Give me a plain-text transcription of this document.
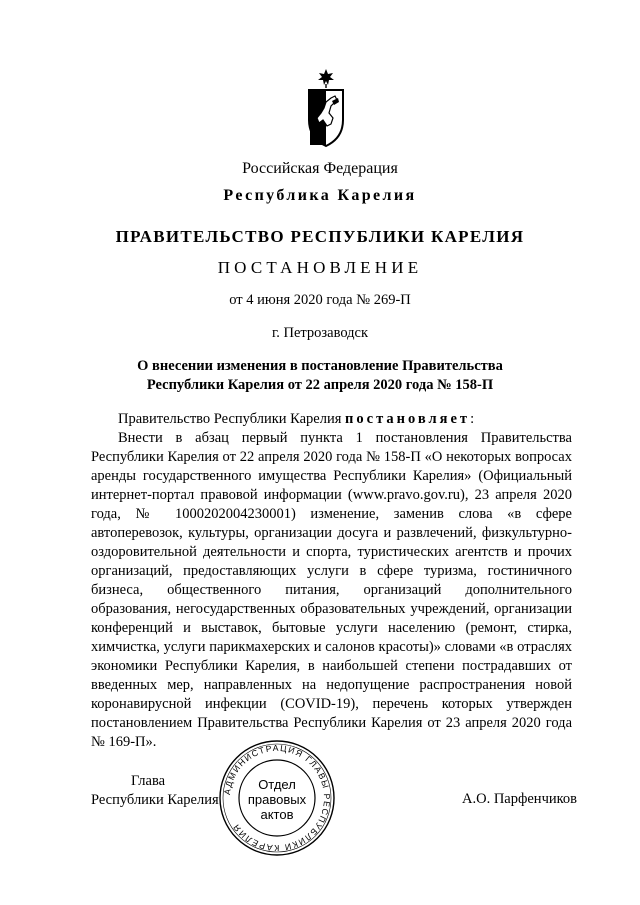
Российская Федерация
Республика Карелия
ПРАВИТЕЛЬСТВО РЕСПУБЛИКИ КАРЕЛИЯ
ПОСТАНОВЛЕНИЕ
от 4 июня 2020 года № 269-П
г. Петрозаводск
О внесении изменения в постановление Правительства
Республики Карелия от 22 апреля 2020 года № 158-П

Правительство Республики Карелия постановляет:

Внести в абзац первый пункта 1 постановления Правительства Республики Карелия от 22 апреля 2020 года № 158-П «О некоторых вопросах аренды государственного имущества Республики Карелия» (Официальный интернет-портал правовой информации (www.pravo.gov.ru), 23 апреля 2020 года, № 1000202004230001) изменение, заменив слова «в сфере автоперевозок, культуры, организации досуга и развлечений, физкультурно-оздоровительной деятельности и спорта, туристических агентств и прочих организаций, предоставляющих услуги в сфере туризма, гостиничного бизнеса, общественного питания, организаций дополнительного образования, негосударственных образовательных учреждений, организации конференций и выставок, бытовые услуги населению (ремонт, стирка, химчистка, услуги парикмахерских и салонов красоты)» словами «в отраслях экономики Республики Карелия, в наибольшей степени пострадавших от введенных мер, направленных на недопущение распространения новой коронавирусной инфекции (COVID-19), перечень которых утвержден постановлением Правительства Республики Карелия от 23 апреля 2020 года № 169-П».

Глава
Республики Карелия	А.О. Парфенчиков
АДМИНИСТРАЦИЯ ГЛАВЫ РЕСПУБЛИКИ КАРЕЛИЯ
Отдел
правовых
актов
